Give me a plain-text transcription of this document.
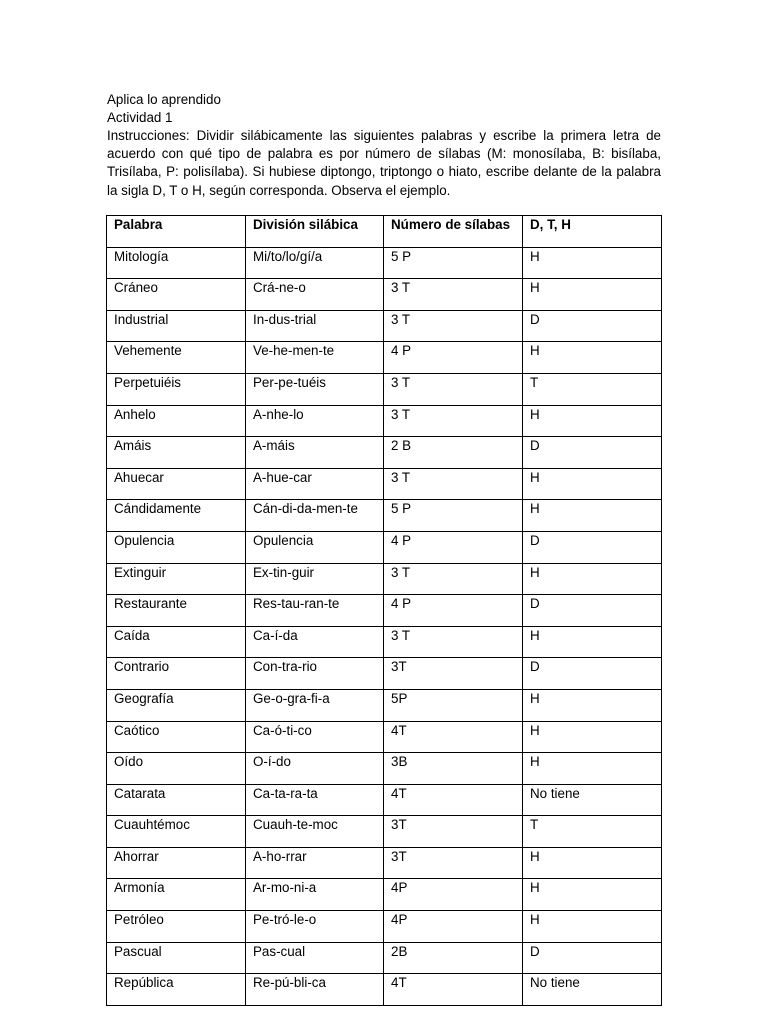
Aplica lo aprendido

Actividad 1

Instrucciones: Dividir silábicamente las siguientes palabras y escribe la primera letra de acuerdo con qué tipo de palabra es por número de sílabas (M: monosílaba, B: bisílaba, Trisílaba, P: polisílaba). Si hubiese diptongo, triptongo o hiato, escribe delante de la palabra la sigla D, T o H, según corresponda. Observa el ejemplo.

Palabra	División silábica	Número de sílabas	D, T, H
Mitología	Mi/to/lo/gí/a	5 P	H
Cráneo	Crá-ne-o	3 T	H
Industrial	In-dus-trial	3 T	D
Vehemente	Ve-he-men-te	4 P	H
Perpetuiéis	Per-pe-tuéis	3 T	T
Anhelo	A-nhe-lo	3 T	H
Amáis	A-máis	2 B	D
Ahuecar	A-hue-car	3 T	H
Cándidamente	Cán-di-da-men-te	5 P	H
Opulencia	Opulencia	4 P	D
Extinguir	Ex-tin-guir	3 T	H
Restaurante	Res-tau-ran-te	4 P	D
Caída	Ca-í-da	3 T	H
Contrario	Con-tra-rio	3T	D
Geografía	Ge-o-gra-fi-a	5P	H
Caótico	Ca-ó-ti-co	4T	H
Oído	O-í-do	3B	H
Catarata	Ca-ta-ra-ta	4T	No tiene
Cuauhtémoc	Cuauh-te-moc	3T	T
Ahorrar	A-ho-rrar	3T	H
Armonía	Ar-mo-ni-a	4P	H
Petróleo	Pe-tró-le-o	4P	H
Pascual	Pas-cual	2B	D
República	Re-pú-bli-ca	4T	No tiene
